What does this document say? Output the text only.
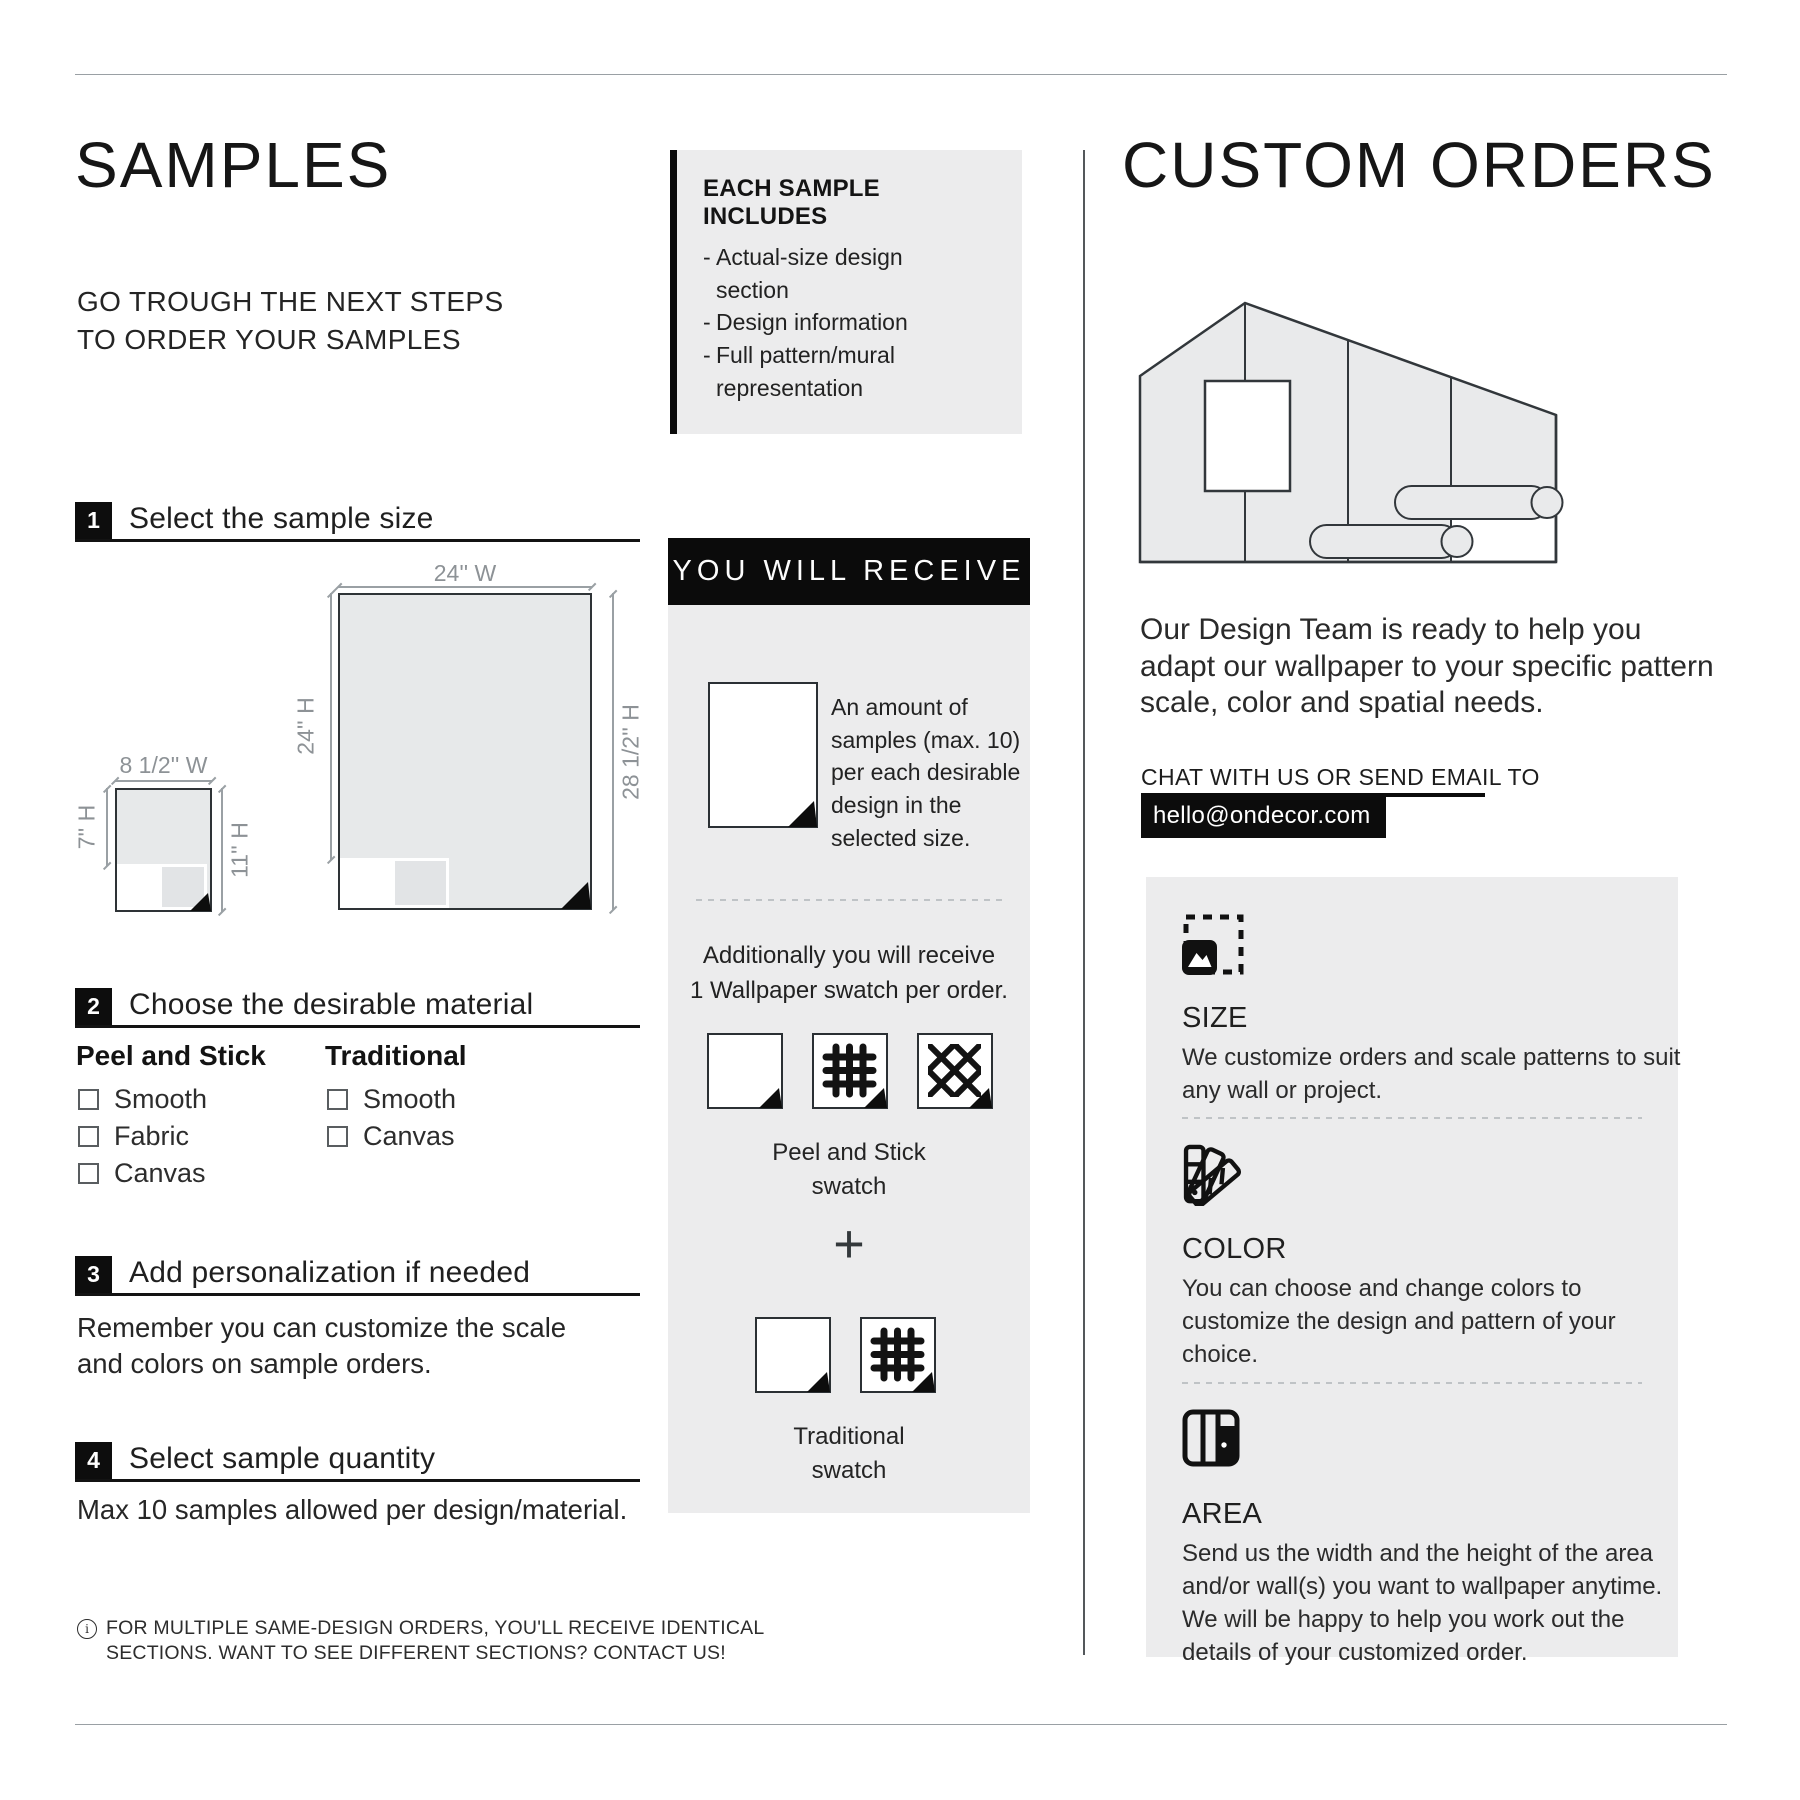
SAMPLES
GO TROUGH THE NEXT STEPS TO ORDER YOUR SAMPLES
1 Select the sample size
24'' W
24'' H	28 1/2'' H
8 1/2'' W
7'' H	11'' H
2 Choose the desirable material
Peel and Stick
Smooth
Fabric
Canvas
Traditional
Smooth
Canvas
3 Add personalization if needed
Remember you can customize the scale and colors on sample orders.
4 Select sample quantity
Max 10 samples allowed per design/material.
i FOR MULTIPLE SAME-DESIGN ORDERS, YOU'LL RECEIVE IDENTICAL
SECTIONS. WANT TO SEE DIFFERENT SECTIONS? CONTACT US!
EACH SAMPLE INCLUDES
- Actual-size design section
- Design information
- Full pattern/mural representation
YOU WILL RECEIVE
An amount of samples (max. 10) per each desirable design in the selected size.
Additionally you will receive
1 Wallpaper swatch per order.
Peel and Stick swatch
+
Traditional swatch
CUSTOM ORDERS
Our Design Team is ready to help you adapt our wallpaper to your specific pattern scale, color and spatial needs.
CHAT WITH US OR SEND EMAIL TO
hello@ondecor.com
SIZE
We customize orders and scale patterns to suit any wall or project.
COLOR
You can choose and change colors to customize the design and pattern of your choice.
AREA
Send us the width and the height of the area and/or wall(s) you want to wallpaper anytime. We will be happy to help you work out the details of your customized order.
